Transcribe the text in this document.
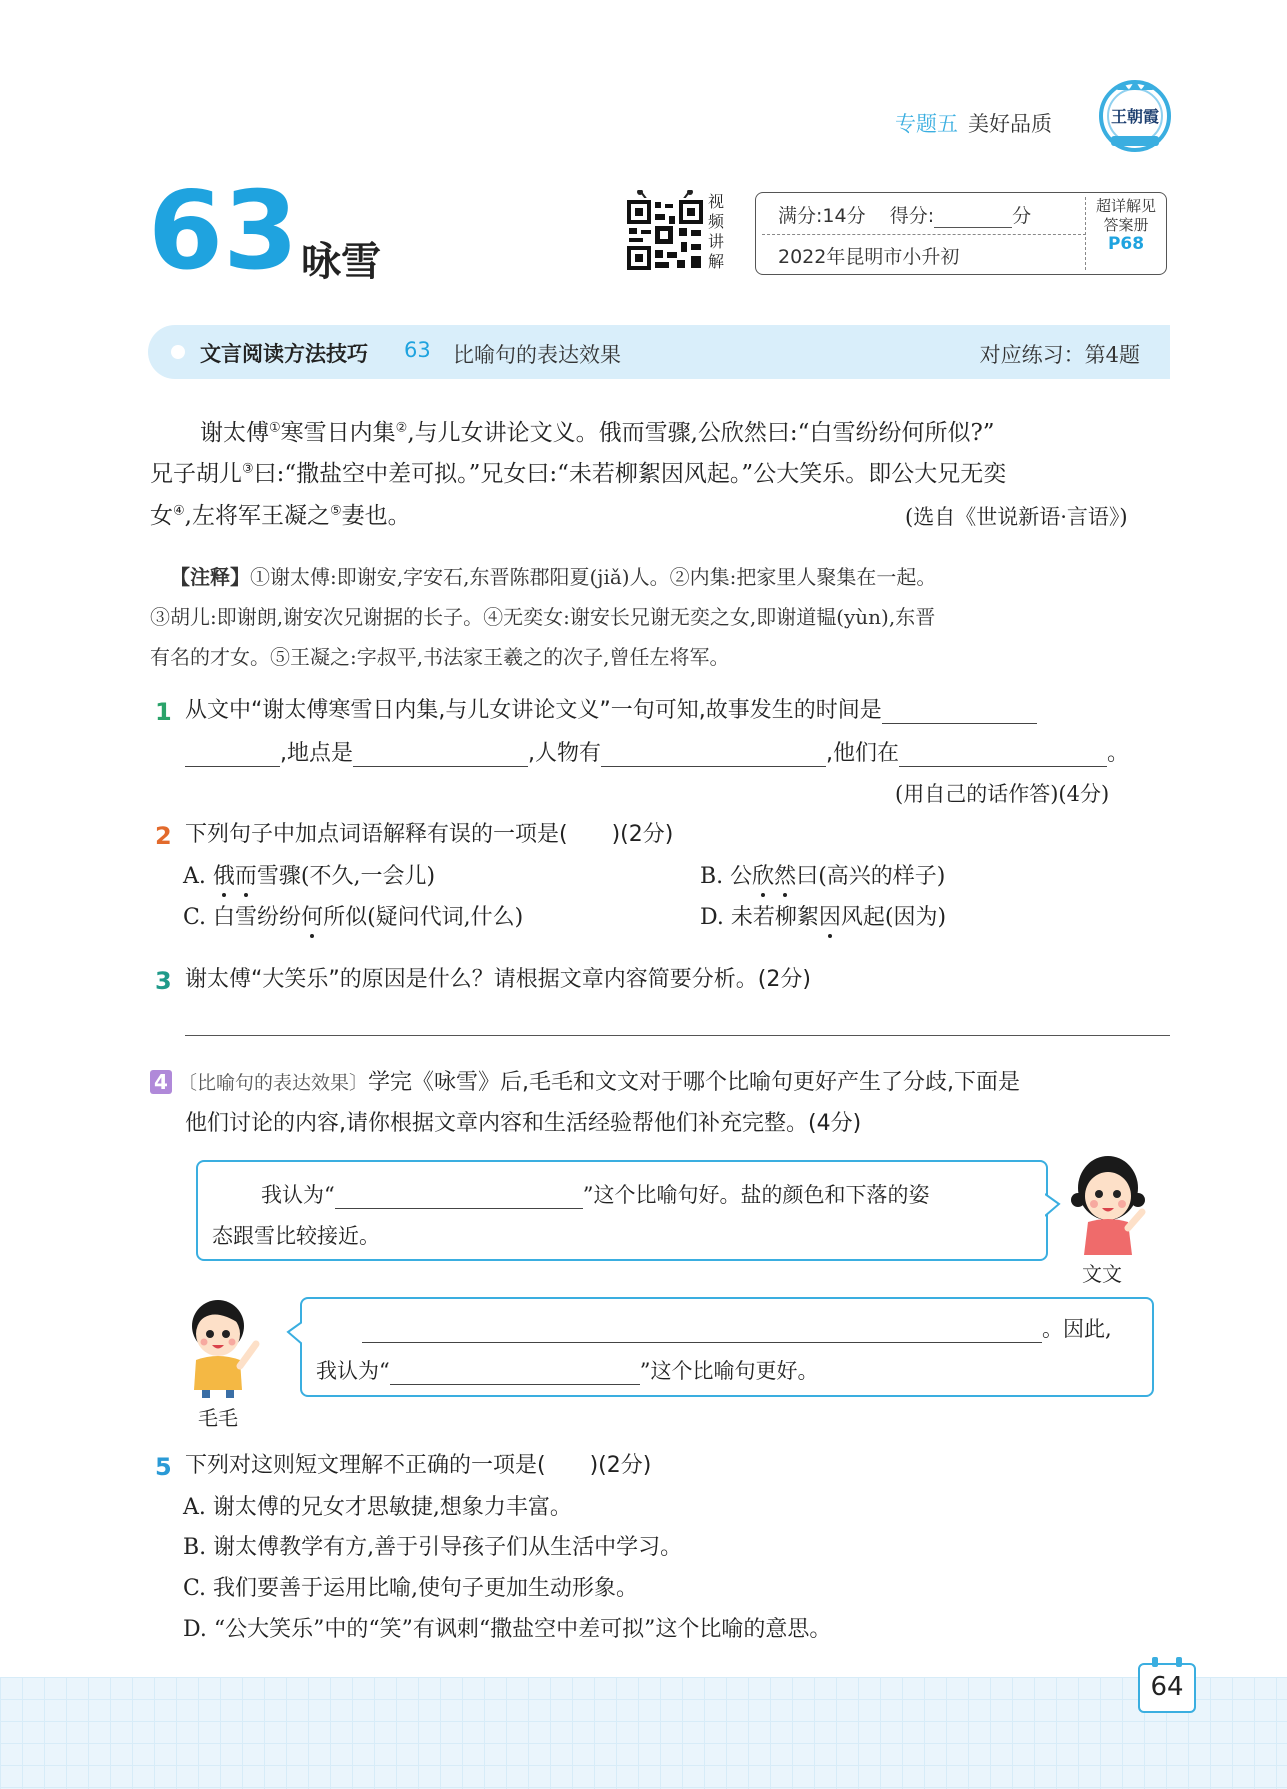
专题五 美好品质	王朝霞
63 咏雪
视频讲解
满分:14分 得分:	分
2022年昆明市小升初
超详解见
答案册
P68
文言阅读方法技巧 63 比喻句的表达效果	对应练习：第4题
谢太傅①寒雪日内集②,与儿女讲论文义。俄而雪骤,公欣然曰:“白雪纷纷何所似?”
兄子胡儿③曰:“撒盐空中差可拟。”兄女曰:“未若柳絮因风起。”公大笑乐。即公大兄无奕
女④,左将军王凝之⑤妻也。	(选自《世说新语·言语》)
【注释】①谢太傅:即谢安,字安石,东晋陈郡阳夏(jiǎ)人。②内集:把家里人聚集在一起。
③胡儿:即谢朗,谢安次兄谢据的长子。④无奕女:谢安长兄谢无奕之女,即谢道韫(yùn),东晋
有名的才女。⑤王凝之:字叔平,书法家王羲之的次子,曾任左将军。
1 从文中“谢太傅寒雪日内集,与儿女讲论文义”一句可知,故事发生的时间是
,地点是	,人物有	,他们在	。
(用自己的话作答)(4分)
2 下列句子中加点词语解释有误的一项是(　　)(2分)
A. 俄而雪骤(不久,一会儿)	B. 公欣然曰(高兴的样子)
C. 白雪纷纷何所似(疑问代词,什么)	D. 未若柳絮因风起(因为)
3 谢太傅“大笑乐”的原因是什么？请根据文章内容简要分析。(2分)
4 〔比喻句的表达效果〕学完《咏雪》后,毛毛和文文对于哪个比喻句更好产生了分歧,下面是
他们讨论的内容,请你根据文章内容和生活经验帮他们补充完整。(4分)
我认为“	”这个比喻句好。盐的颜色和下落的姿
态跟雪比较接近。
文文
。因此,
我认为“	”这个比喻句更好。
毛毛
5 下列对这则短文理解不正确的一项是(　　)(2分)
A. 谢太傅的兄女才思敏捷,想象力丰富。
B. 谢太傅教学有方,善于引导孩子们从生活中学习。
C. 我们要善于运用比喻,使句子更加生动形象。
D. “公大笑乐”中的“笑”有讽刺“撒盐空中差可拟”这个比喻的意思。
64
